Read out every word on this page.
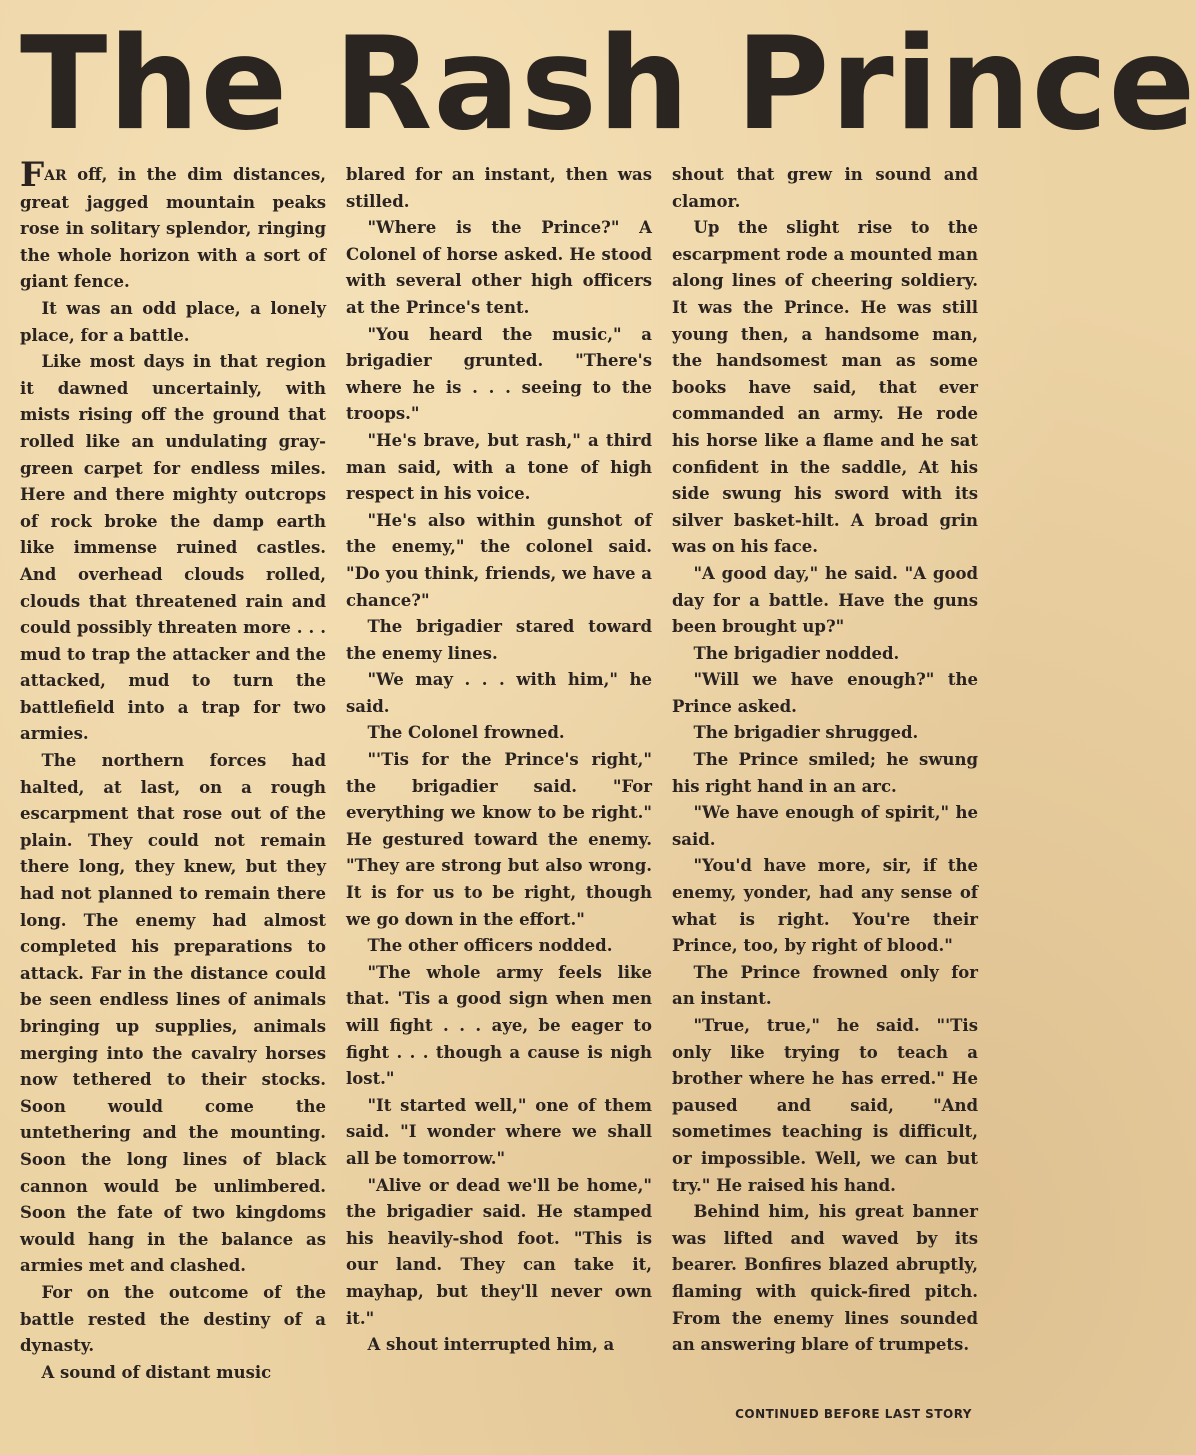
The Rash Prince

FAR off, in the dim distances, great jagged mountain peaks rose in solitary splendor, ringing the whole horizon with a sort of giant fence.

It was an odd place, a lonely place, for a battle.

Like most days in that region it dawned uncertainly, with mists rising off the ground that rolled like an undulating gray-green carpet for endless miles. Here and there mighty outcrops of rock broke the damp earth like immense ruined castles. And overhead clouds rolled, clouds that threatened rain and could possibly threaten more . . . mud to trap the attacker and the attacked, mud to turn the battlefield into a trap for two armies.

The northern forces had halted, at last, on a rough escarpment that rose out of the plain. They could not remain there long, they knew, but they had not planned to remain there long. The enemy had almost completed his preparations to attack. Far in the distance could be seen endless lines of animals bringing up supplies, animals merging into the cavalry horses now tethered to their stocks. Soon would come the untethering and the mounting. Soon the long lines of black cannon would be unlimbered. Soon the fate of two kingdoms would hang in the balance as armies met and clashed.

For on the outcome of the battle rested the destiny of a dynasty.

A sound of distant music

blared for an instant, then was stilled.

"Where is the Prince?" A Colonel of horse asked. He stood with several other high officers at the Prince's tent.

"You heard the music," a brigadier grunted. "There's where he is . . . seeing to the troops."

"He's brave, but rash," a third man said, with a tone of high respect in his voice.

"He's also within gunshot of the enemy," the colonel said. "Do you think, friends, we have a chance?"

The brigadier stared toward the enemy lines.

"We may . . . with him," he said.

The Colonel frowned.

"'Tis for the Prince's right," the brigadier said. "For everything we know to be right." He gestured toward the enemy. "They are strong but also wrong. It is for us to be right, though we go down in the effort."

The other officers nodded.

"The whole army feels like that. 'Tis a good sign when men will fight . . . aye, be eager to fight . . . though a cause is nigh lost."

"It started well," one of them said. "I wonder where we shall all be tomorrow."

"Alive or dead we'll be home," the brigadier said. He stamped his heavily-shod foot. "This is our land. They can take it, mayhap, but they'll never own it."

A shout interrupted him, a

shout that grew in sound and clamor.

Up the slight rise to the escarpment rode a mounted man along lines of cheering soldiery. It was the Prince. He was still young then, a handsome man, the handsomest man as some books have said, that ever commanded an army. He rode his horse like a flame and he sat confident in the saddle, At his side swung his sword with its silver basket-hilt. A broad grin was on his face.

"A good day," he said. "A good day for a battle. Have the guns been brought up?"

The brigadier nodded.

"Will we have enough?" the Prince asked.

The brigadier shrugged.

The Prince smiled; he swung his right hand in an arc.

"We have enough of spirit," he said.

"You'd have more, sir, if the enemy, yonder, had any sense of what is right. You're their Prince, too, by right of blood."

The Prince frowned only for an instant.

"True, true," he said. "'Tis only like trying to teach a brother where he has erred." He paused and said, "And sometimes teaching is difficult, or impossible. Well, we can but try." He raised his hand.

Behind him, his great banner was lifted and waved by its bearer. Bonfires blazed abruptly, flaming with quick-fired pitch. From the enemy lines sounded an answering blare of trumpets.

CONTINUED BEFORE LAST STORY
